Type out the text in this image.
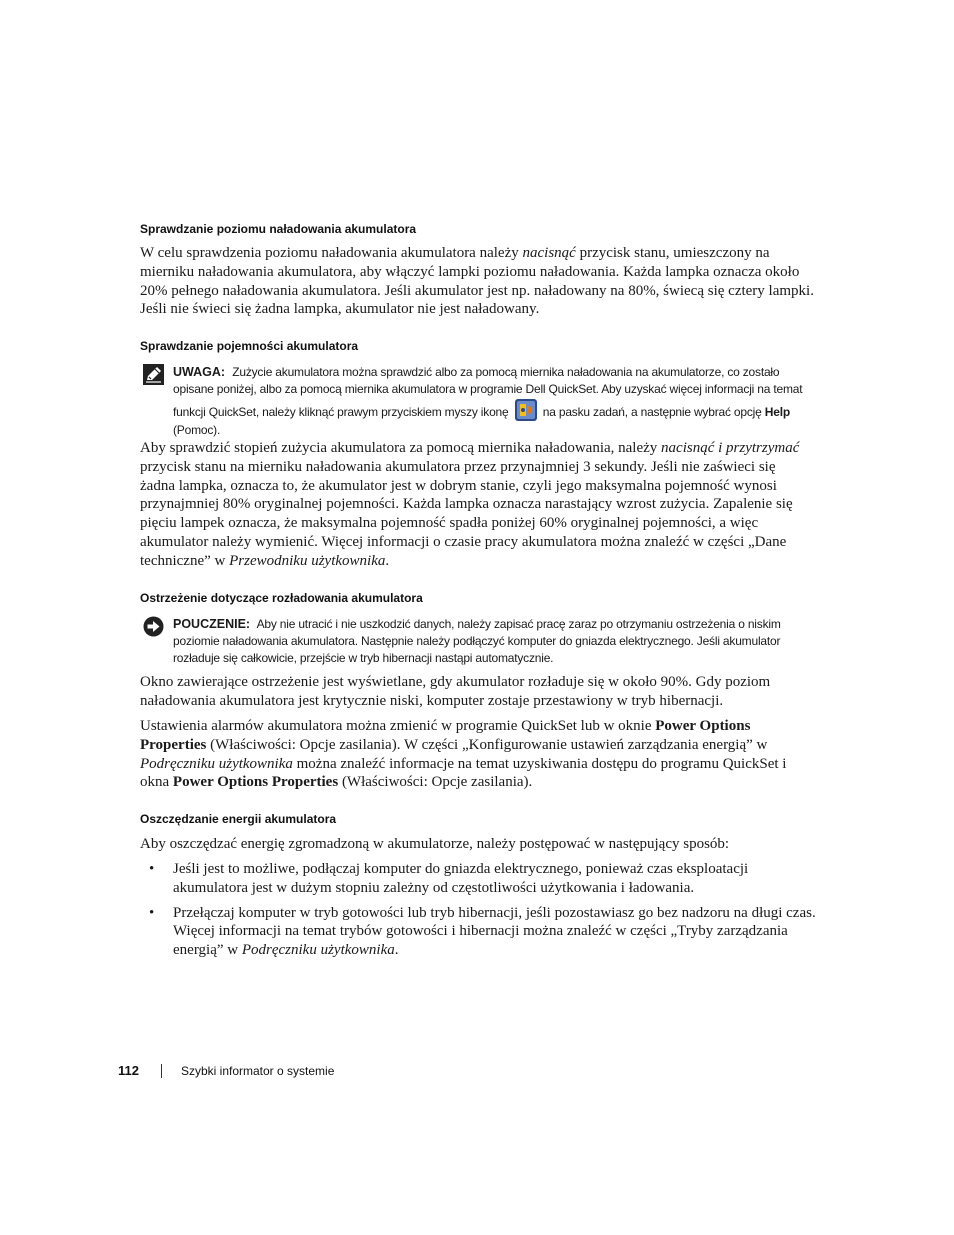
Sprawdzanie poziomu naładowania akumulatora

W celu sprawdzenia poziomu naładowania akumulatora należy nacisnąć przycisk stanu, umieszczony na mierniku naładowania akumulatora, aby włączyć lampki poziomu naładowania. Każda lampka oznacza około 20% pełnego naładowania akumulatora. Jeśli akumulator jest np. naładowany na 80%, świecą się cztery lampki. Jeśli nie świeci się żadna lampka, akumulator nie jest naładowany.

Sprawdzanie pojemności akumulatora

UWAGA: Zużycie akumulatora można sprawdzić albo za pomocą miernika naładowania na akumulatorze, co zostało opisane poniżej, albo za pomocą miernika akumulatora w programie Dell QuickSet. Aby uzyskać więcej informacji na temat funkcji QuickSet, należy kliknąć prawym przyciskiem myszy ikonę	na pasku zadań, a następnie wybrać opcję Help
(Pomoc).

Aby sprawdzić stopień zużycia akumulatora za pomocą miernika naładowania, należy nacisnąć i przytrzymać przycisk stanu na mierniku naładowania akumulatora przez przynajmniej 3 sekundy. Jeśli nie zaświeci się żadna lampka, oznacza to, że akumulator jest w dobrym stanie, czyli jego maksymalna pojemność wynosi przynajmniej 80% oryginalnej pojemności. Każda lampka oznacza narastający wzrost zużycia. Zapalenie się pięciu lampek oznacza, że maksymalna pojemność spadła poniżej 60% oryginalnej pojemności, a więc akumulator należy wymienić. Więcej informacji o czasie pracy akumulatora można znaleźć w części „Dane techniczne” w Przewodniku użytkownika.

Ostrzeżenie dotyczące rozładowania akumulatora

POUCZENIE: Aby nie utracić i nie uszkodzić danych, należy zapisać pracę zaraz po otrzymaniu ostrzeżenia o niskim poziomie naładowania akumulatora. Następnie należy podłączyć komputer do gniazda elektrycznego. Jeśli akumulator rozładuje się całkowicie, przejście w tryb hibernacji nastąpi automatycznie.

Okno zawierające ostrzeżenie jest wyświetlane, gdy akumulator rozładuje się w około 90%. Gdy poziom naładowania akumulatora jest krytycznie niski, komputer zostaje przestawiony w tryb hibernacji.

Ustawienia alarmów akumulatora można zmienić w programie QuickSet lub w oknie Power Options Properties (Właściwości: Opcje zasilania). W części „Konfigurowanie ustawień zarządzania energią” w Podręczniku użytkownika można znaleźć informacje na temat uzyskiwania dostępu do programu QuickSet i okna Power Options Properties (Właściwości: Opcje zasilania).

Oszczędzanie energii akumulatora

Aby oszczędzać energię zgromadzoną w akumulatorze, należy postępować w następujący sposób:

• Jeśli jest to możliwe, podłączaj komputer do gniazda elektrycznego, ponieważ czas eksploatacji akumulatora jest w dużym stopniu zależny od częstotliwości użytkowania i ładowania.
• Przełączaj komputer w tryb gotowości lub tryb hibernacji, jeśli pozostawiasz go bez nadzoru na długi czas. Więcej informacji na temat trybów gotowości i hibernacji można znaleźć w części „Tryby zarządzania energią” w Podręczniku użytkownika.
112	Szybki informator o systemie
